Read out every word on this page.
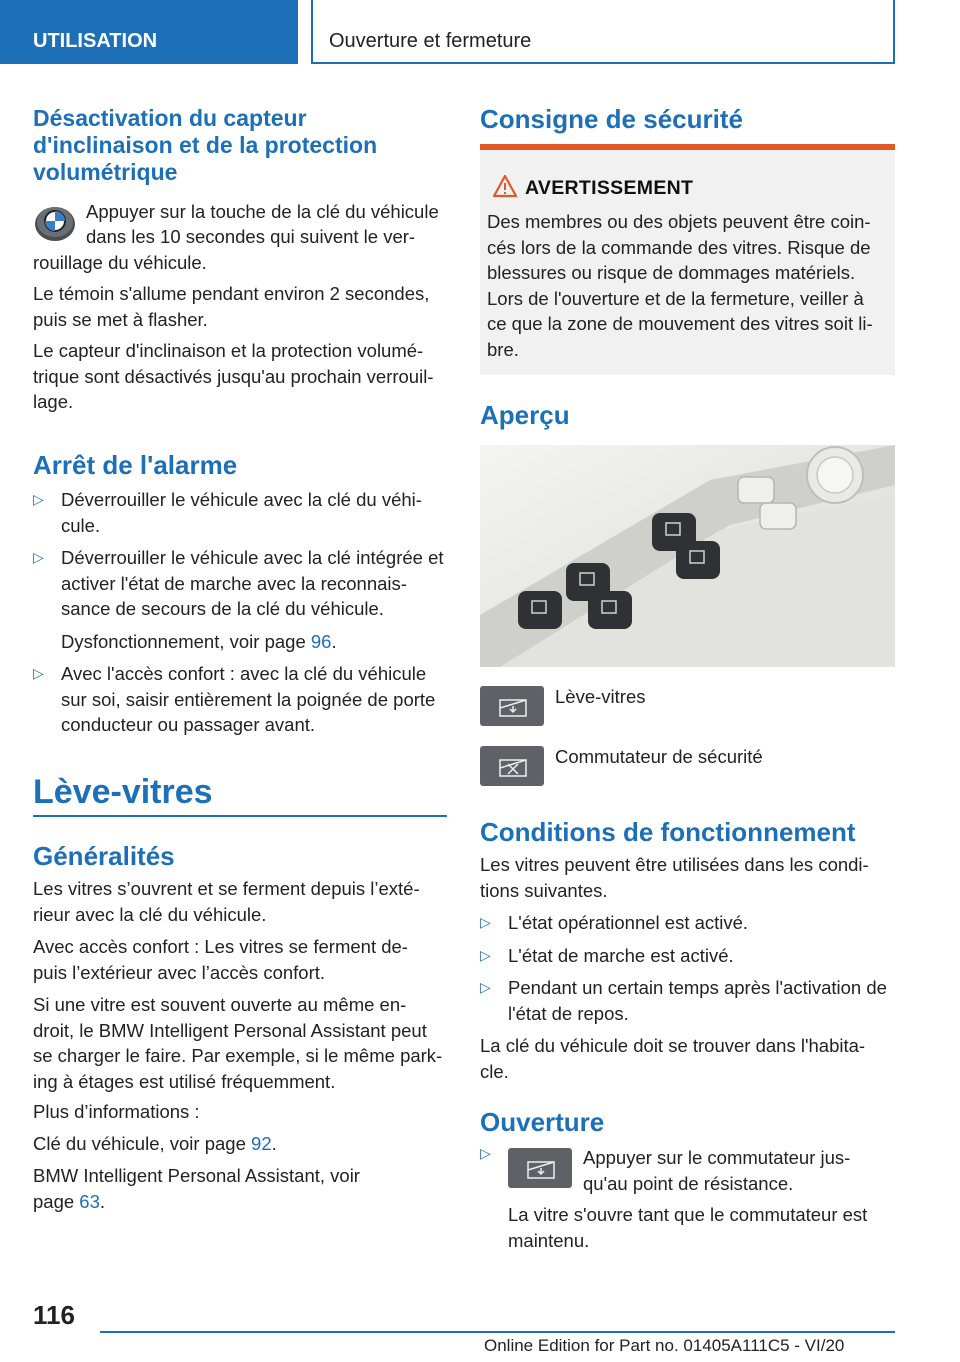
UTILISATION	Ouverture et fermeture
Désactivation du capteur d'inclinaison et de la protection volumétrique

Appuyer sur la touche de la clé du véhicule

dans les 10 secondes qui suivent le ver-

rouillage du véhicule.

Le témoin s'allume pendant environ 2 secondes, puis se met à flasher.

Le capteur d'inclinaison et la protection volumé- trique sont désactivés jusqu'au prochain verrouil- lage.

Arrêt de l'alarme
▷ Déverrouiller le véhicule avec la clé du véhi- cule.
▷ Déverrouiller le véhicule avec la clé intégrée et activer l'état de marche avec la reconnais- sance de secours de la clé du véhicule.
Dysfonctionnement, voir page 96.
▷ Avec l'accès confort : avec la clé du véhicule sur soi, saisir entièrement la poignée de porte conducteur ou passager avant.
Lève-vitres
Généralités

Les vitres s’ouvrent et se ferment depuis l’exté- rieur avec la clé du véhicule.

Avec accès confort : Les vitres se ferment de- puis l’extérieur avec l’accès confort.

Si une vitre est souvent ouverte au même en- droit, le BMW Intelligent Personal Assistant peut se charger le faire. Par exemple, si le même park- ing à étages est utilisé fréquemment.

Plus d’informations :

Clé du véhicule, voir page 92.

BMW Intelligent Personal Assistant, voir

page 63.

Consigne de sécurité
AVERTISSEMENT

Des membres ou des objets peuvent être coin- cés lors de la commande des vitres. Risque de blessures ou risque de dommages matériels. Lors de l'ouverture et de la fermeture, veiller à ce que la zone de mouvement des vitres soit li- bre.

Aperçu

Lève-vitres

Commutateur de sécurité

Conditions de fonctionnement

Les vitres peuvent être utilisées dans les condi- tions suivantes.

▷ L'état opérationnel est activé.
▷ L'état de marche est activé.
▷ Pendant un certain temps après l'activation de l'état de repos.

La clé du véhicule doit se trouver dans l'habita- cle.

Ouverture
▷	Appuyer sur le commutateur jus-

qu'au point de résistance.

La vitre s'ouvre tant que le commutateur est maintenu.

116
Online Edition for Part no. 01405A111C5 - VI/20
